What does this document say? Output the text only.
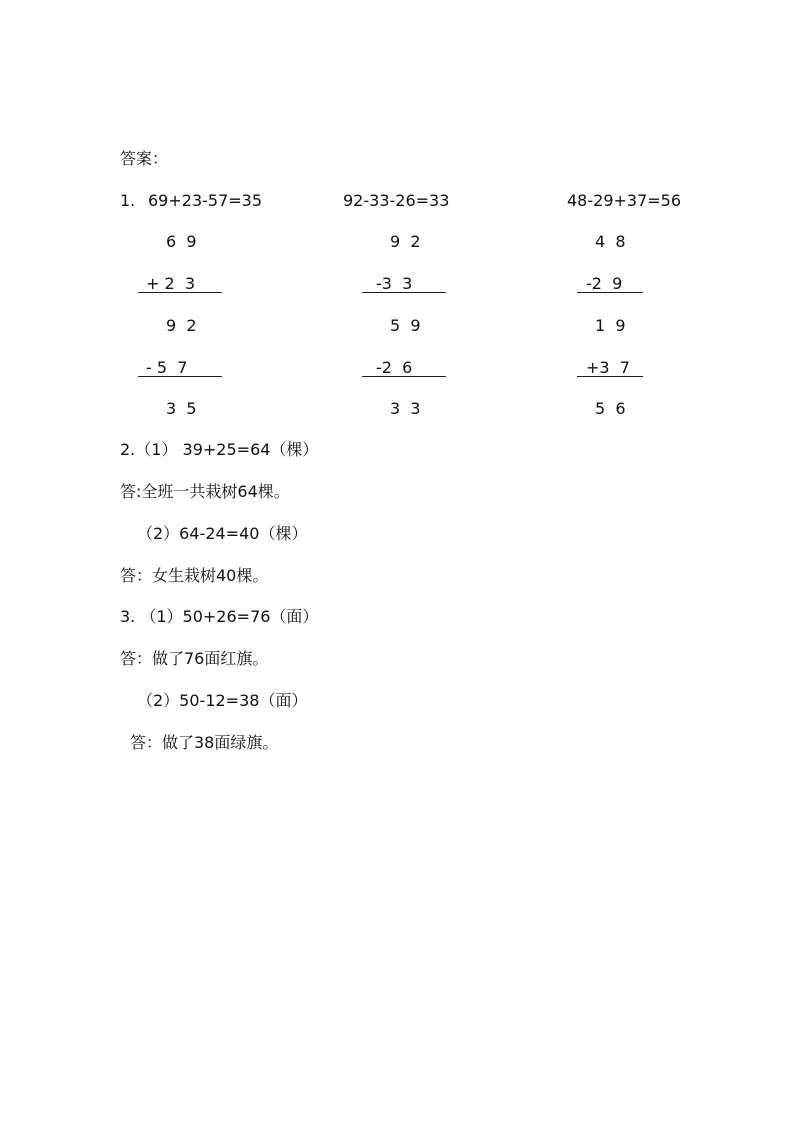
答案：
1. 69+23-57=35	92-33-26=33	48-29+37=56
6  9
+ 2  3
9  2
- 5  7
3  5
9  2
-3  3
5  9
-2  6
3  3
4  8
-2  9
1  9
+3  7
5  6
2.（1） 39+25=64（棵）
答:全班一共栽树64棵。
（2）64-24=40（棵）
答：女生栽树40棵。
3. （1）50+26=76（面）
答：做了76面红旗。
（2）50-12=38（面）
答：做了38面绿旗。
